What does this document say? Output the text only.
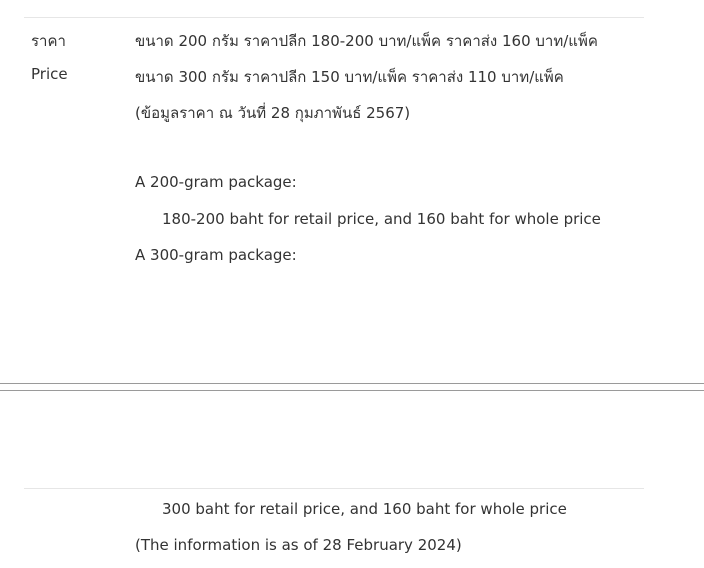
ราคา
Price
ขนาด 200 กรัม ราคาปลีก 180-200 บาท/แพ็ค ราคาส่ง 160 บาท/แพ็ค
ขนาด 300 กรัม ราคาปลีก 150 บาท/แพ็ค ราคาส่ง 110 บาท/แพ็ค
(ข้อมูลราคา ณ วันที่ 28 กุมภาพันธ์ 2567)
A 200-gram package:
180-200 baht for retail price, and 160 baht for whole price
A 300-gram package:
300 baht for retail price, and 160 baht for whole price
(The information is as of 28 February 2024)
